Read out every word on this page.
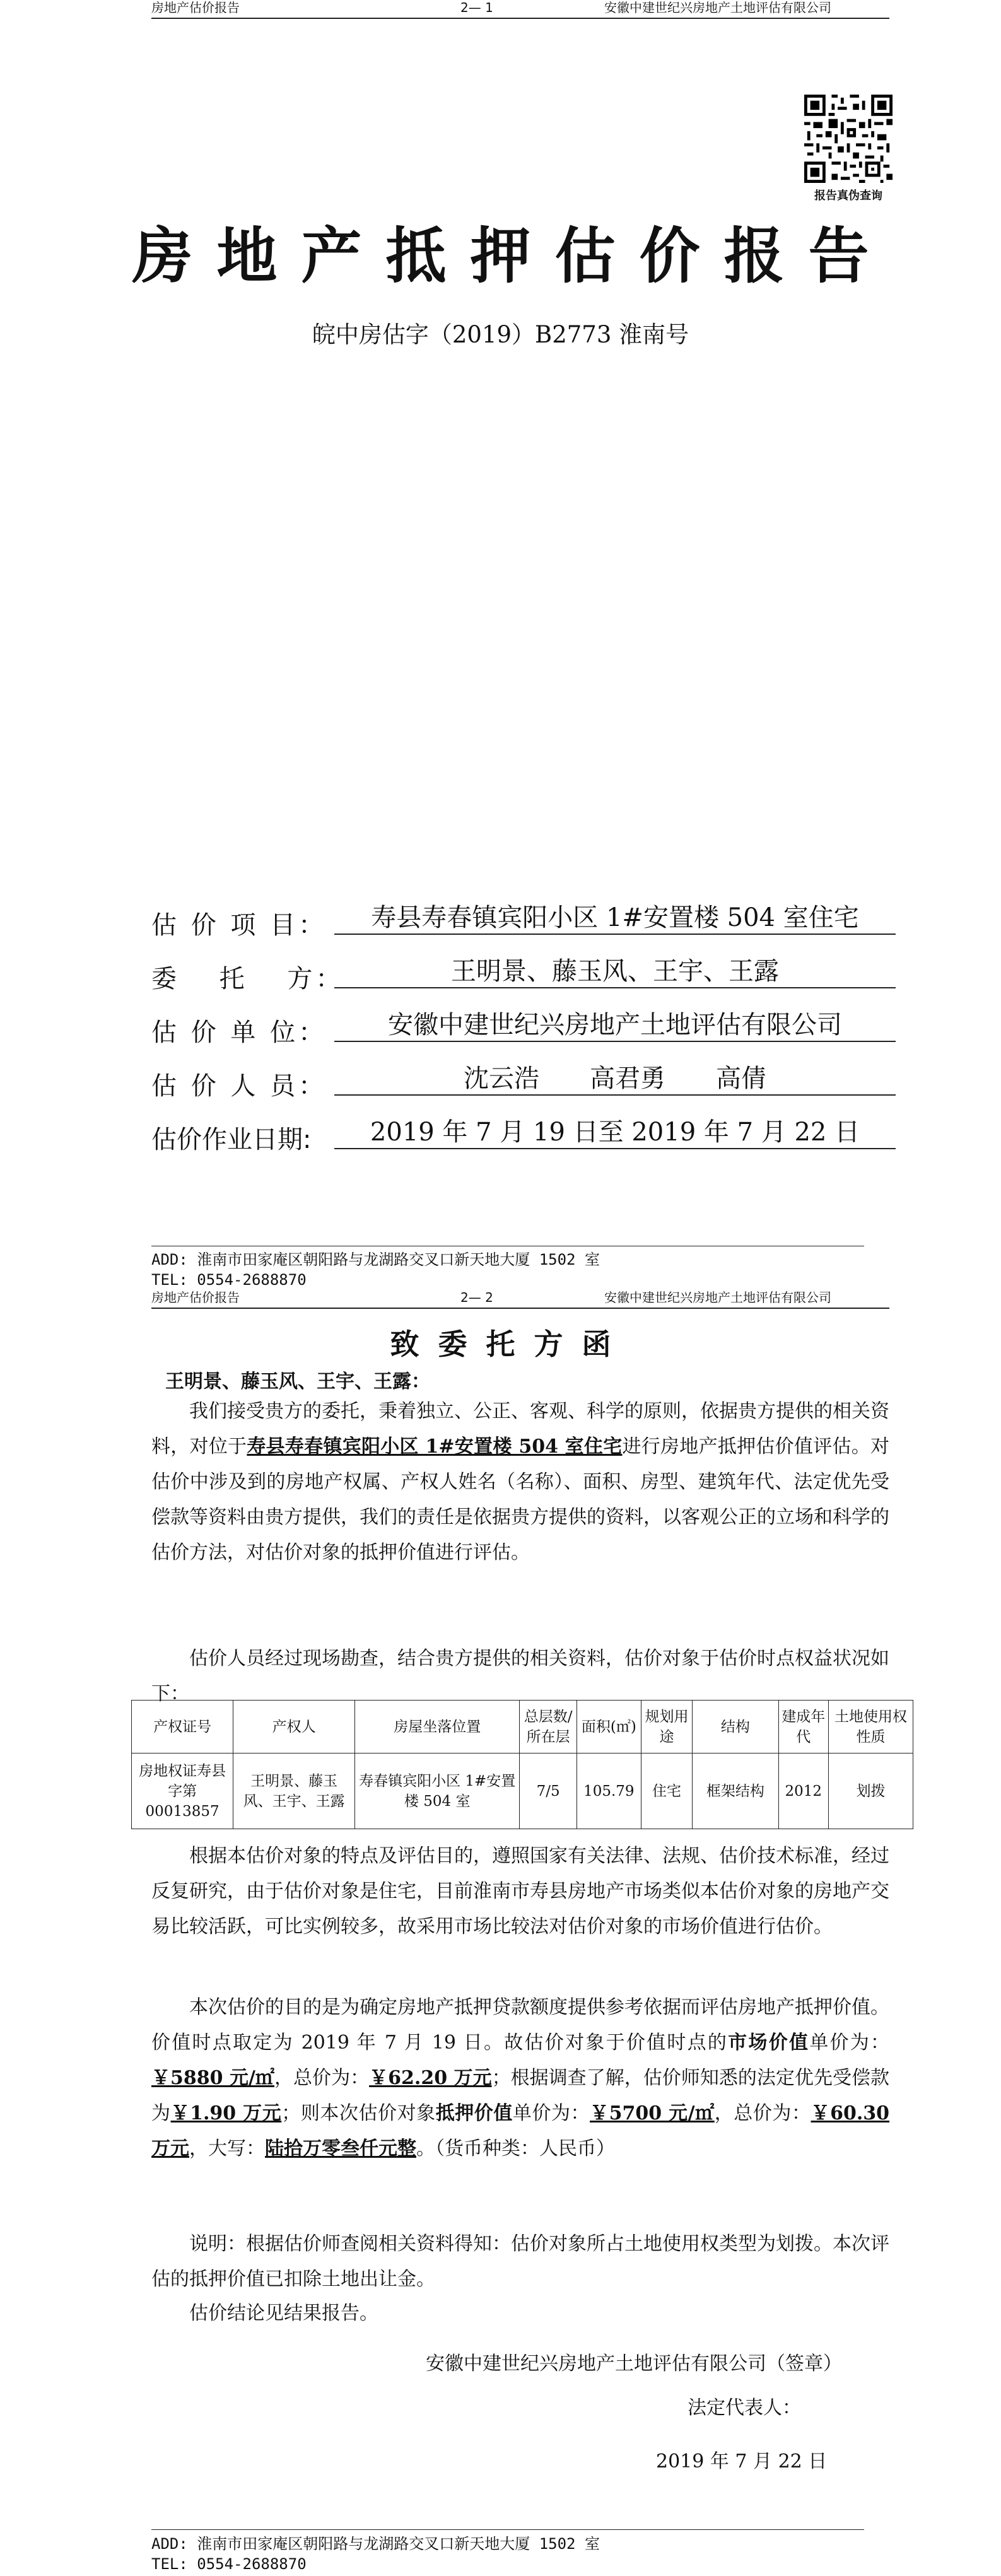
房地产估价报告	2— 1	安徽中建世纪兴房地产土地评估有限公司
报告真伪查询
房地产抵押估价报告
皖中房估字（2019）B2773 淮南号
估 价 项 目：	寿县寿春镇宾阳小区 1#安置楼 504 室住宅
委　 托　 方：	王明景、藤玉风、王宇、王露
估 价 单 位：	安徽中建世纪兴房地产土地评估有限公司
估 价 人 员：	沈云浩　　高君勇　　高倩
估价作业日期:	2019 年 7 月 19 日至 2019 年 7 月 22 日
ADD: 淮南市田家庵区朝阳路与龙湖路交叉口新天地大厦 1502 室
TEL: 0554-2688870
房地产估价报告	2— 2	安徽中建世纪兴房地产土地评估有限公司
致委托方函
王明景、藤玉风、王宇、王露：
我们接受贵方的委托，秉着独立、公正、客观、科学的原则，依据贵方提供的相关资料，对位于寿县寿春镇宾阳小区 1#安置楼 504 室住宅进行房地产抵押估价值评估。对估价中涉及到的房地产权属、产权人姓名（名称）、面积、房型、建筑年代、法定优先受偿款等资料由贵方提供，我们的责任是依据贵方提供的资料，以客观公正的立场和科学的估价方法，对估价对象的抵押价值进行评估。
估价人员经过现场勘查，结合贵方提供的相关资料，估价对象于估价时点权益状况如下：
产权证号	产权人	房屋坐落位置	总层数/所在层	面积(㎡)	规划用途	结构	建成年代	土地使用权性质
房地权证寿县字第00013857	王明景、藤玉风、王宇、王露	寿春镇宾阳小区 1#安置楼 504 室	7/5	105.79	住宅	框架结构	2012	划拨
根据本估价对象的特点及评估目的，遵照国家有关法律、法规、估价技术标准，经过反复研究，由于估价对象是住宅，目前淮南市寿县房地产市场类似本估价对象的房地产交易比较活跃，可比实例较多，故采用市场比较法对估价对象的市场价值进行估价。
本次估价的目的是为确定房地产抵押贷款额度提供参考依据而评估房地产抵押价值。价值时点取定为 2019 年 7 月 19 日。故估价对象于价值时点的市场价值单价为：￥5880 元/㎡，总价为：￥62.20 万元；根据调查了解，估价师知悉的法定优先受偿款为￥1.90 万元；则本次估价对象抵押价值单价为：￥5700 元/㎡，总价为：￥60.30 万元，大写：陆拾万零叁仟元整。（货币种类：人民币）
说明：根据估价师查阅相关资料得知：估价对象所占土地使用权类型为划拨。本次评估的抵押价值已扣除土地出让金。
估价结论见结果报告。
安徽中建世纪兴房地产土地评估有限公司（签章）
法定代表人：
2019 年 7 月 22 日
ADD: 淮南市田家庵区朝阳路与龙湖路交叉口新天地大厦 1502 室
TEL: 0554-2688870
